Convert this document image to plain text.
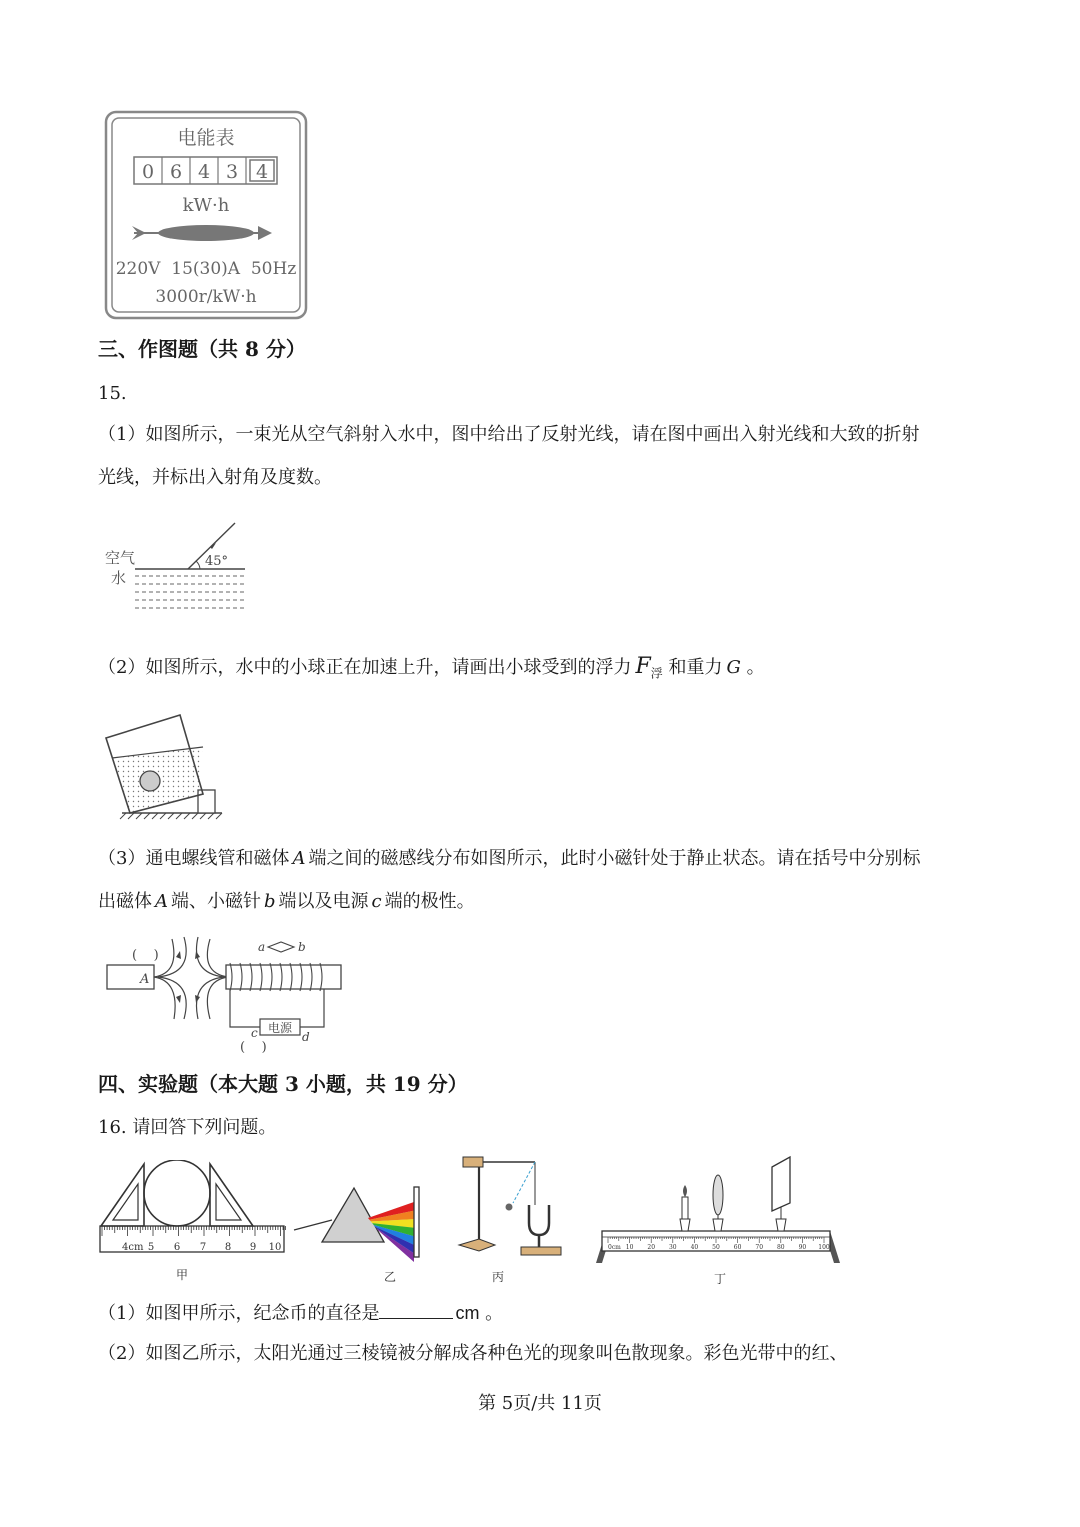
电能表
0 6 4 3 4
kW·h
220V  15(30)A  50Hz
3000r/kW·h
三、作图题（共 8 分）
15.
（1）如图所示，一束光从空气斜射入水中，图中给出了反射光线，请在图中画出入射光线和大致的折射
光线，并标出入射角及度数。
空气
水
45°
（2）如图所示，水中的小球正在加速上升，请画出小球受到的浮力 $F_浮$ 和重力 G 。
（3）通电螺线管和磁体 A 端之间的磁感线分布如图所示，此时小磁针处于静止状态。请在括号中分别标
出磁体 A 端、小磁针 b 端以及电源 c 端的极性。
(    )
A
a	b
电源
c	d
(    )
四、实验题（本大题 3 小题，共 19 分）
16. 请回答下列问题。
4cm 5 6 7 8 9 10
甲	乙	丙
0cm 10 20 30 40 50 60 70 80 90 100
丁
（1）如图甲所示，纪念币的直径是	cm 。
（2）如图乙所示，太阳光通过三棱镜被分解成各种色光的现象叫色散现象。彩色光带中的红、
第 5页/共 11页
